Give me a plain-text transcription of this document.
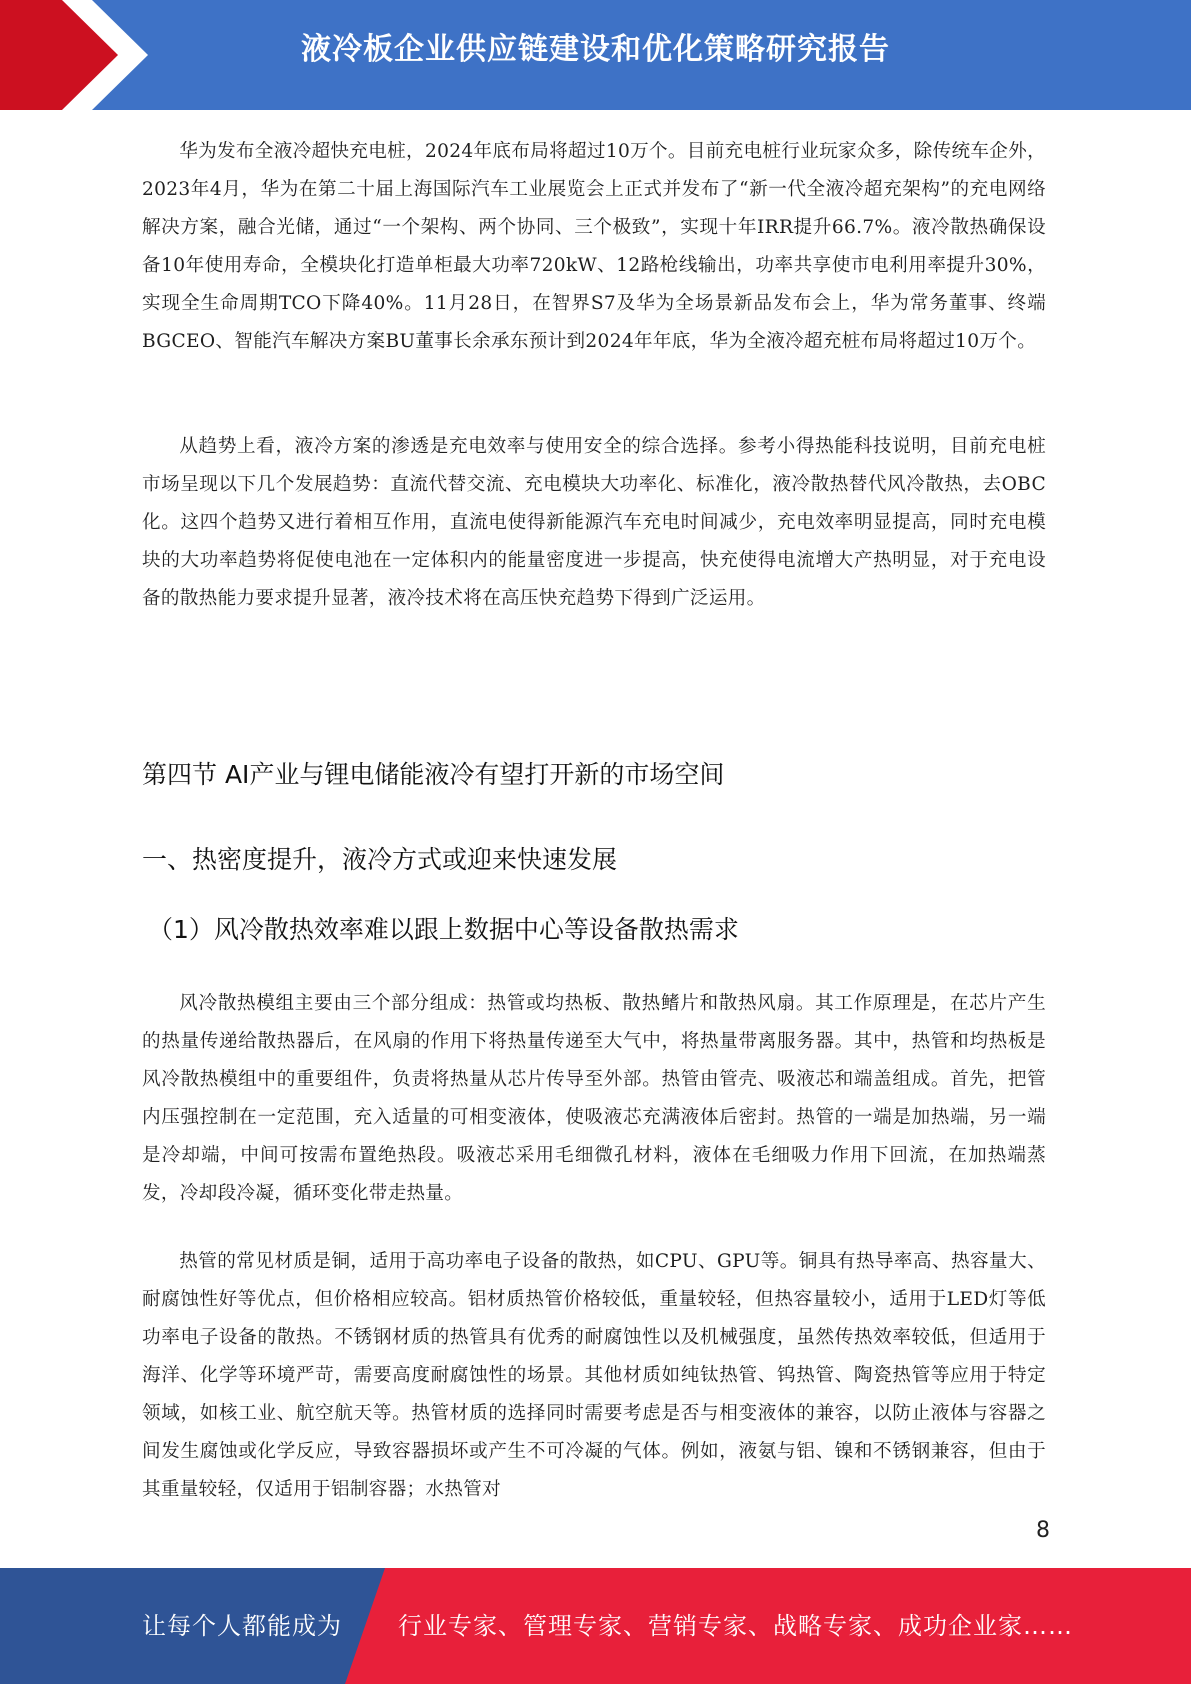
液冷板企业供应链建设和优化策略研究报告

华为发布全液冷超快充电桩，2024年底布局将超过10万个。目前充电桩行业玩家众多，除传统车企外，2023年4月，华为在第二十届上海国际汽车工业展览会上正式并发布了“新一代全液冷超充架构”的充电网络解决方案，融合光储，通过“一个架构、两个协同、三个极致”，实现十年IRR提升66.7%。液冷散热确保设备10年使用寿命，全模块化打造单柜最大功率720kW、12路枪线输出，功率共享使市电利用率提升30%，实现全生命周期TCO下降40%。11月28日，在智界S7及华为全场景新品发布会上，华为常务董事、终端BGCEO、智能汽车解决方案BU董事长余承东预计到2024年年底，华为全液冷超充桩布局将超过10万个。

从趋势上看，液冷方案的渗透是充电效率与使用安全的综合选择。参考小得热能科技说明，目前充电桩市场呈现以下几个发展趋势：直流代替交流、充电模块大功率化、标准化，液冷散热替代风冷散热，去OBC化。这四个趋势又进行着相互作用，直流电使得新能源汽车充电时间减少，充电效率明显提高，同时充电模块的大功率趋势将促使电池在一定体积内的能量密度进一步提高，快充使得电流增大产热明显，对于充电设备的散热能力要求提升显著，液冷技术将在高压快充趋势下得到广泛运用。

第四节 AI产业与锂电储能液冷有望打开新的市场空间
一、热密度提升，液冷方式或迎来快速发展
（1）风冷散热效率难以跟上数据中心等设备散热需求

风冷散热模组主要由三个部分组成：热管或均热板、散热鳍片和散热风扇。其工作原理是，在芯片产生的热量传递给散热器后，在风扇的作用下将热量传递至大气中，将热量带离服务器。其中，热管和均热板是风冷散热模组中的重要组件，负责将热量从芯片传导至外部。热管由管壳、吸液芯和端盖组成。首先，把管内压强控制在一定范围，充入适量的可相变液体，使吸液芯充满液体后密封。热管的一端是加热端，另一端是冷却端，中间可按需布置绝热段。吸液芯采用毛细微孔材料，液体在毛细吸力作用下回流，在加热端蒸发，冷却段冷凝，循环变化带走热量。

热管的常见材质是铜，适用于高功率电子设备的散热，如CPU、GPU等。铜具有热导率高、热容量大、耐腐蚀性好等优点，但价格相应较高。铝材质热管价格较低，重量较轻，但热容量较小，适用于LED灯等低功率电子设备的散热。不锈钢材质的热管具有优秀的耐腐蚀性以及机械强度，虽然传热效率较低，但适用于海洋、化学等环境严苛，需要高度耐腐蚀性的场景。其他材质如纯钛热管、钨热管、陶瓷热管等应用于特定领域，如核工业、航空航天等。热管材质的选择同时需要考虑是否与相变液体的兼容，以防止液体与容器之间发生腐蚀或化学反应，导致容器损坏或产生不可冷凝的气体。例如，液氨与铝、镍和不锈钢兼容，但由于其重量较轻，仅适用于铝制容器；水热管对

8
让每个人都能成为 行业专家、管理专家、营销专家、战略专家、成功企业家……
